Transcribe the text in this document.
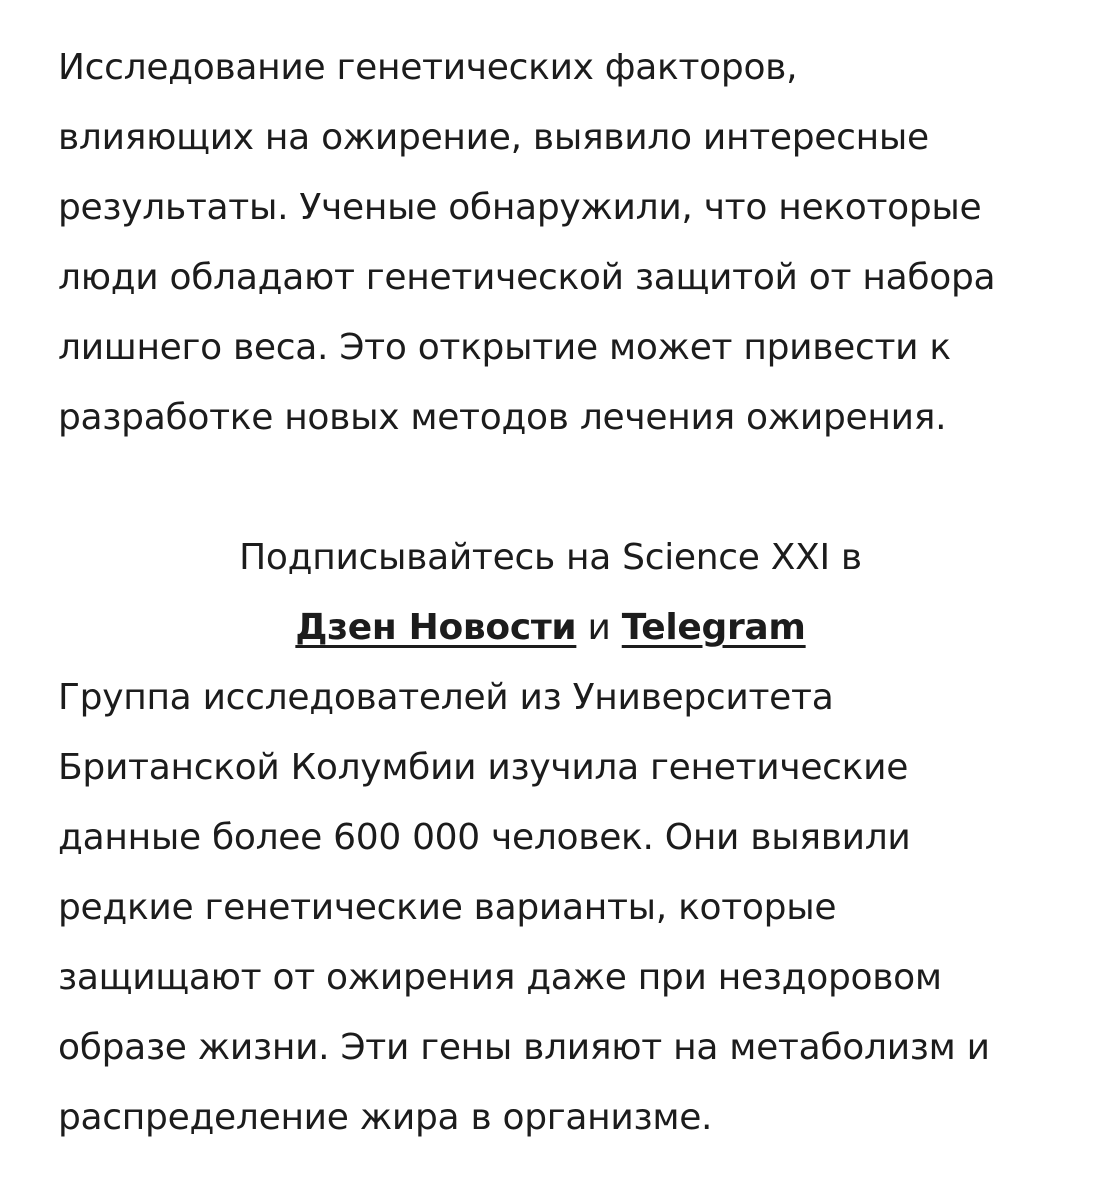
Исследование генетических факторов,
влияющих на ожирение, выявило интересные
результаты. Ученые обнаружили, что некоторые
люди обладают генетической защитой от набора
лишнего веса. Это открытие может привести к
разработке новых методов лечения ожирения.

Подписывайтесь на Science XXI в
Дзен Новости и Telegram

Группа исследователей из Университета
Британской Колумбии изучила генетические
данные более 600 000 человек. Они выявили
редкие генетические варианты, которые
защищают от ожирения даже при нездоровом
образе жизни. Эти гены влияют на метаболизм и
распределение жира в организме.
